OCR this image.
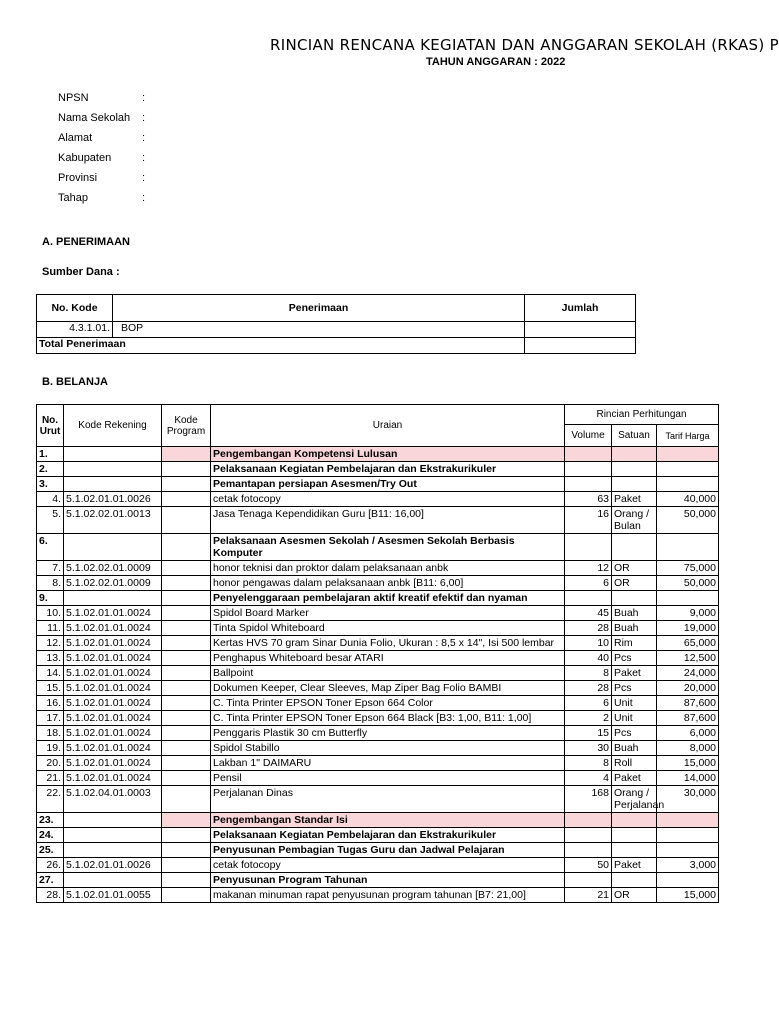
RINCIAN RENCANA KEGIATAN DAN ANGGARAN SEKOLAH (RKAS) P
TAHUN ANGGARAN : 2022
NPSN	:
Nama Sekolah	:
Alamat	:
Kabupaten	:
Provinsi	:
Tahap	:
A. PENERIMAAN
Sumber Dana :
No. Kode	Penerimaan	Jumlah
4.3.1.01.	BOP	
Total Penerimaan		
B. BELANJA
No. Urut	Kode Rekening	Kode Program	Uraian	Rincian Perhitungan		
				Volume	Satuan	Tarif Harga
1.			Pengembangan Kompetensi Lulusan			
2.			Pelaksanaan Kegiatan Pembelajaran dan Ekstrakurikuler			
3.			Pemantapan persiapan Asesmen/Try Out			
4.	5.1.02.01.01.0026		cetak fotocopy	63	Paket	40,000
5.	5.1.02.02.01.0013		Jasa Tenaga Kependidikan Guru [B11: 16,00]	16	Orang / Bulan	50,000
6.			Pelaksanaan Asesmen Sekolah / Asesmen Sekolah Berbasis Komputer			
7.	5.1.02.02.01.0009		honor teknisi dan proktor dalam pelaksanaan anbk	12	OR	75,000
8.	5.1.02.02.01.0009		honor pengawas dalam pelaksanaan anbk [B11: 6,00]	6	OR	50,000
9.			Penyelenggaraan pembelajaran aktif kreatif efektif dan nyaman			
10.	5.1.02.01.01.0024		Spidol Board Marker	45	Buah	9,000
11.	5.1.02.01.01.0024		Tinta Spidol Whiteboard	28	Buah	19,000
12.	5.1.02.01.01.0024		Kertas HVS 70 gram Sinar Dunia Folio, Ukuran : 8,5 x 14", Isi 500 lembar	10	Rim	65,000
13.	5.1.02.01.01.0024		Penghapus Whiteboard besar ATARI	40	Pcs	12,500
14.	5.1.02.01.01.0024		Ballpoint	8	Paket	24,000
15.	5.1.02.01.01.0024		Dokumen Keeper, Clear Sleeves, Map Ziper Bag Folio BAMBI	28	Pcs	20,000
16.	5.1.02.01.01.0024		C. Tinta Printer EPSON Toner Epson 664 Color	6	Unit	87,600
17.	5.1.02.01.01.0024		C. Tinta Printer EPSON Toner Epson 664 Black [B3: 1,00, B11: 1,00]	2	Unit	87,600
18.	5.1.02.01.01.0024		Penggaris Plastik 30 cm Butterfly	15	Pcs	6,000
19.	5.1.02.01.01.0024		Spidol Stabillo	30	Buah	8,000
20.	5.1.02.01.01.0024		Lakban 1" DAIMARU	8	Roll	15,000
21.	5.1.02.01.01.0024		Pensil	4	Paket	14,000
22.	5.1.02.04.01.0003		Perjalanan Dinas	168	Orang / Perjalanan	30,000
23.			Pengembangan Standar Isi			
24.			Pelaksanaan Kegiatan Pembelajaran dan Ekstrakurikuler			
25.			Penyusunan Pembagian Tugas Guru dan Jadwal Pelajaran			
26.	5.1.02.01.01.0026		cetak fotocopy	50	Paket	3,000
27.			Penyusunan Program Tahunan			
28.	5.1.02.01.01.0055		makanan minuman rapat penyusunan program tahunan [B7: 21,00]	21	OR	15,000
